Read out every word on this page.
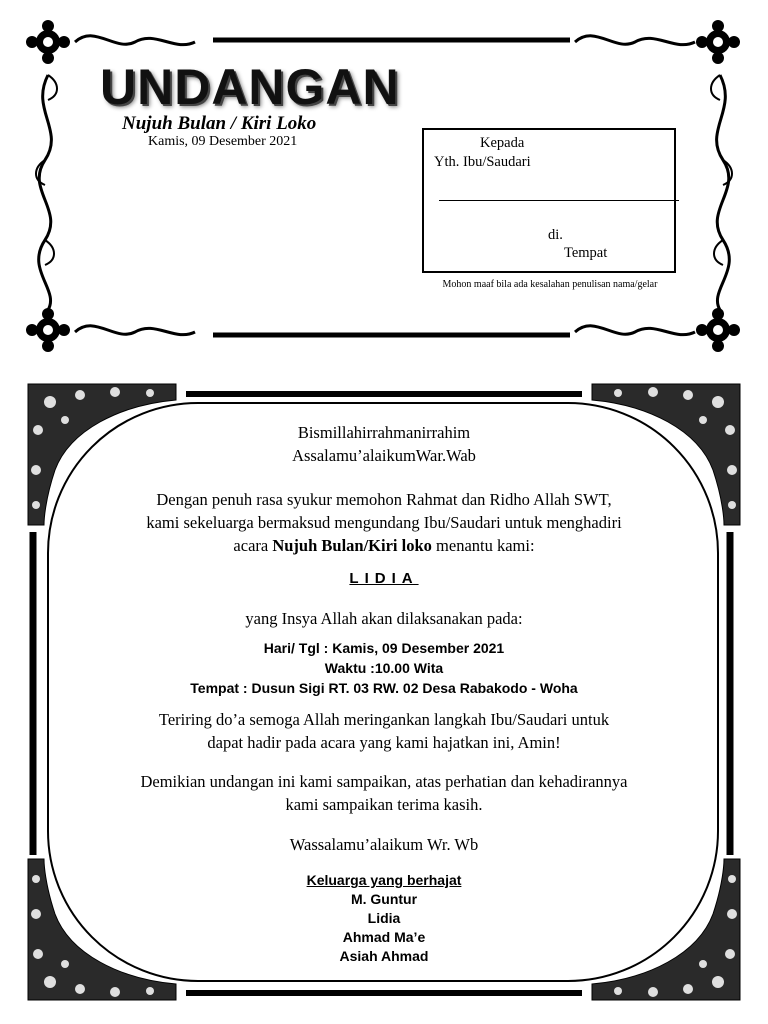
UNDANGAN
Nujuh Bulan / Kiri Loko
Kamis, 09 Desember 2021	Kepada
Yth. Ibu/Saudari
di.
Tempat
Mohon maaf bila ada kesalahan penulisan nama/gelar
Bismillahirrahmanirrahim
Assalamu’alaikumWar.Wab
Dengan penuh rasa syukur memohon Rahmat dan Ridho Allah SWT,
kami sekeluarga bermaksud mengundang Ibu/Saudari untuk menghadiri
acara Nujuh Bulan/Kiri loko menantu kami:
LIDIA
yang Insya Allah akan dilaksanakan pada:
Hari/ Tgl : Kamis, 09 Desember 2021
Waktu :10.00 Wita
Tempat : Dusun Sigi RT. 03 RW. 02 Desa Rabakodo - Woha
Teriring do’a semoga Allah meringankan langkah Ibu/Saudari untuk
dapat hadir pada acara yang kami hajatkan ini, Amin!
Demikian undangan ini kami sampaikan, atas perhatian dan kehadirannya
kami sampaikan terima kasih.
Wassalamu’alaikum Wr. Wb
Keluarga yang berhajat
M. Guntur
Lidia
Ahmad Ma’e
Asiah Ahmad
